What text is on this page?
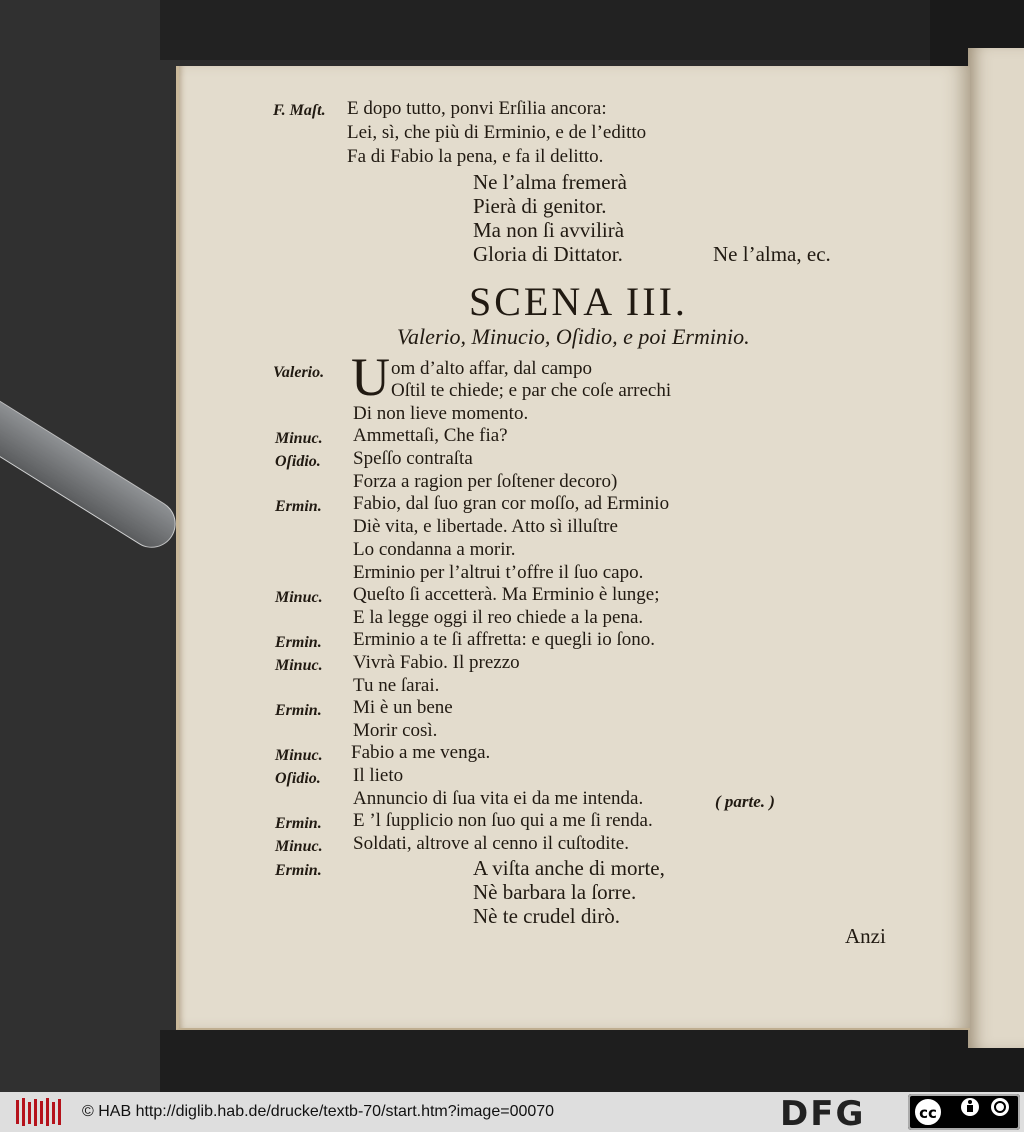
F. Maſt. E dopo tutto, ponvi Erſilia ancora:
Lei, sì, che più di Erminio, e de l’editto
Fa di Fabio la pena, e fa il delitto.
Ne l’alma fremerà
Pierà di genitor.
Ma non ſi avvilirà
Gloria di Dittator.	Ne l’alma, ec.
SCENA III.
Valerio, Minucio, Oſidio, e poi Erminio.
Valerio. U om d’alto affar, dal campo
Oſtil te chiede; e par che coſe arrechi
Di non lieve momento.
Minuc. Ammettaſi, Che fia?
Oſidio. Speſſo contraſta
Forza a ragion per ſoſtener decoro)
Ermin. Fabio, dal ſuo gran cor moſſo, ad Erminio
Diè vita, e libertade. Atto sì illuſtre
Lo condanna a morir.
Erminio per l’altrui t’offre il ſuo capo.
Minuc. Queſto ſi accetterà. Ma Erminio è lunge;
E la legge oggi il reo chiede a la pena.
Ermin. Erminio a te ſi affretta: e quegli io ſono.
Minuc. Vivrà Fabio. Il prezzo
Tu ne ſarai.
Ermin. Mi è un bene
Morir così.
Minuc. Fabio a me venga.
Oſidio. Il lieto
Annuncio di ſua vita ei da me intenda.	( parte. )
Ermin. E ’l ſupplicio non ſuo qui a me ſi renda.
Minuc. Soldati, altrove al cenno il cuſtodite.
Ermin.	A viſta anche di morte,
Nè barbara la ſorre.
Nè te crudel dirò.
Anzi
© HAB http://diglib.hab.de/drucke/textb-70/start.htm?image=00070	DFG	cc
